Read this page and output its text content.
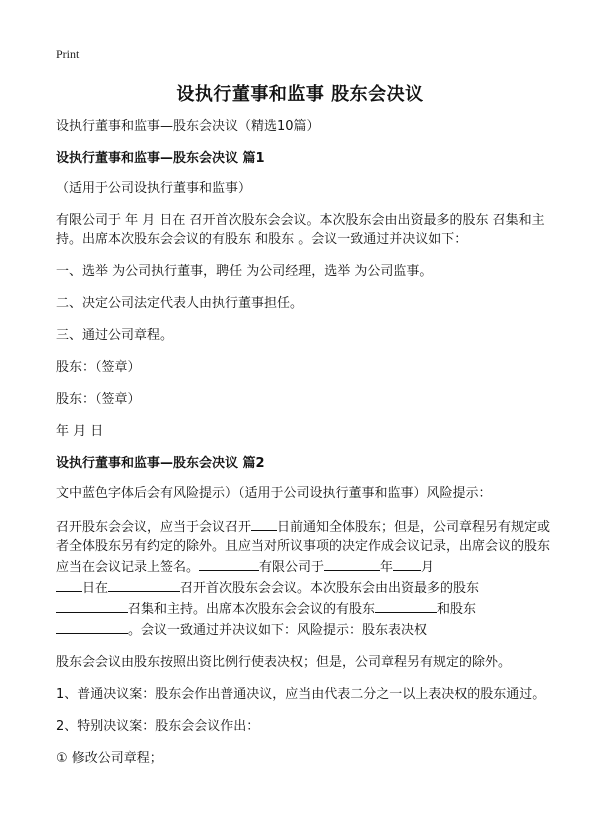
Print
设执行董事和监事 股东会决议

设执行董事和监事—股东会决议（精选10篇）

设执行董事和监事—股东会决议 篇1

（适用于公司设执行董事和监事）

有限公司于 年 月 日在 召开首次股东会会议。本次股东会由出资最多的股东 召集和主持。出席本次股东会会议的有股东 和股东 。会议一致通过并决议如下：

一、选举 为公司执行董事，聘任 为公司经理，选举 为公司监事。

二、决定公司法定代表人由执行董事担任。

三、通过公司章程。

股东：（签章）

股东：（签章）

年 月 日

设执行董事和监事—股东会决议 篇2

文中蓝色字体后会有风险提示）（适用于公司设执行董事和监事）风险提示：

召开股东会会议，应当于会议召开 日前通知全体股东；但是，公司章程另有规定或者全体股东另有约定的除外。且应当对所议事项的决定作成会议记录，出席会议的股东应当在会议记录上签名。	有限公司于	年 月
日在	召开首次股东会会议。本次股东会由出资最多的股东
召集和主持。出席本次股东会会议的有股东	和股东
。会议一致通过并决议如下：风险提示：股东表决权

股东会会议由股东按照出资比例行使表决权；但是，公司章程另有规定的除外。

1、普通决议案：股东会作出普通决议，应当由代表二分之一以上表决权的股东通过。

2、特别决议案：股东会会议作出：

① 修改公司章程；
